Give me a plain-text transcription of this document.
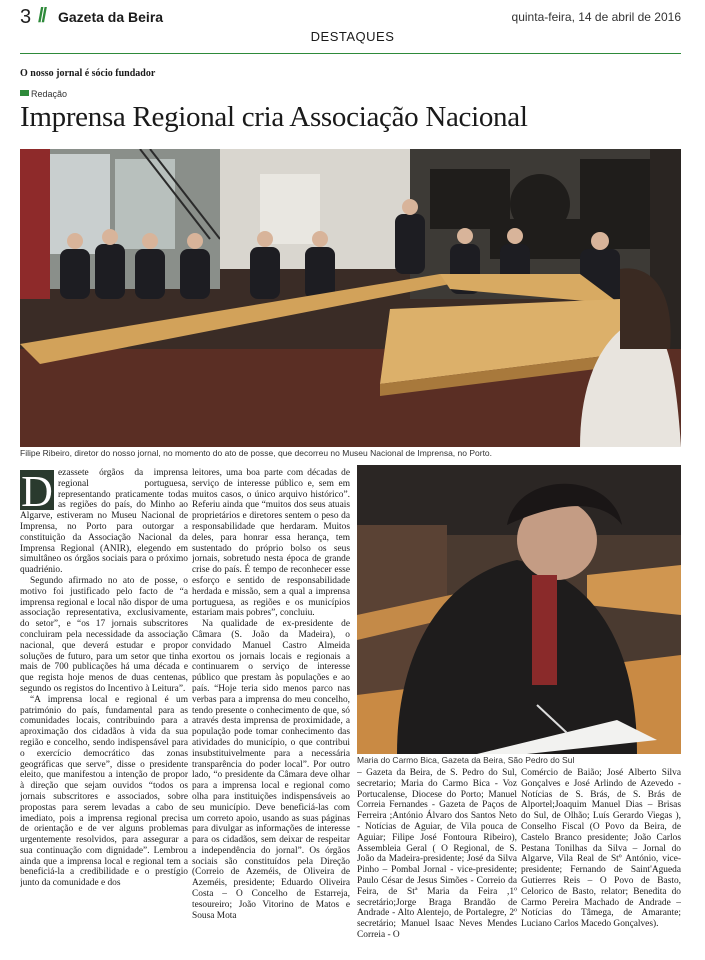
3 // Gazeta da Beira	quinta-feira, 14 de abril de 2016
DESTAQUES
O nosso jornal é sócio fundador
Redação
Imprensa Regional cria Associação Nacional
Filipe Ribeiro, diretor do nosso jornal, no momento do ato de posse, que decorreu no Museu Nacional de Imprensa, no Porto.
Maria do Carmo Bica, Gazeta da Beira, São Pedro do Sul
D ezassete órgãos da imprensa regional portuguesa, representando praticamente todas as regiões do país, do Minho ao Algarve, estiveram no Museu Nacional de Imprensa, no Porto para outorgar a constituição da Associação Nacional da Imprensa Regional (ANIR), elegendo em simultâneo os órgãos sociais para o próximo quadriénio.

Segundo afirmado no ato de posse, o motivo foi justificado pelo facto de “a imprensa regional e local não dispor de uma associação representativa, exclusivamente, do setor”, e “os 17 jornais subscritores concluiram pela necessidade da associação nacional, que deverá estudar e propor soluções de futuro, para um setor que tinha mais de 700 publicações há uma década e que regista hoje menos de duas centenas, segundo os registos do Incentivo à Leitura”.

“A imprensa local e regional é um património do país, fundamental para as comunidades locais, contribuindo para a aproximação dos cidadãos à vida da sua região e concelho, sendo indispensável para o exercício democrático das zonas geográficas que serve”, disse o presidente eleito, que manifestou a intenção de propor à direção que sejam ouvidos “todos os jornais subscritores e associados, sobre propostas para serem levadas a cabo de imediato, pois a imprensa regional precisa de orientação e de ver alguns problemas urgentemente resolvidos, para assegurar a sua continuação com dignidade”. Lembrou ainda que a imprensa local e regional tem a beneficiá-la a credibilidade e o prestígio junto da comunidade e dos

leitores, uma boa parte com décadas de serviço de interesse público e, sem em muitos casos, o único arquivo histórico”. Referiu ainda que “muitos dos seus atuais proprietários e diretores sentem o peso da responsabilidade que herdaram. Muitos deles, para honrar essa herança, tem sustentado do próprio bolso os seus jornais, sobretudo nesta época de grande crise do país. É tempo de reconhecer esse esforço e sentido de responsabilidade herdada e missão, sem a qual a imprensa portuguesa, as regiões e os municípios estariam mais pobres”, concluiu.

Na qualidade de ex-presidente de Câmara (S. João da Madeira), o convidado Manuel Castro Almeida exortou os jornais locais e regionais a continuarem o serviço de interesse público que prestam às populações e ao país. “Hoje teria sido menos parco nas verbas para a imprensa do meu concelho, tendo presente o conhecimento de que, só através desta imprensa de proximidade, a população pode tomar conhecimento das atividades do município, o que contribui insubstituivelmente para a necessária transparência do poder local”. Por outro lado, “o presidente da Câmara deve olhar para a imprensa local e regional como olha para instituições indispensáveis ao seu município. Deve beneficiá-las com um correto apoio, usando as suas páginas para divulgar as informações de interesse para os cidadãos, sem deixar de respeitar a independência do jornal”. Os órgãos sociais são constituídos pela Direção (Correio de Azeméis, de Oliveira de Azeméis, presidente; Eduardo Oliveira Costa – O Concelho de Estarreja, tesoureiro; João Vitorino de Matos e Sousa Mota

– Gazeta da Beira, de S. Pedro do Sul, secretario; Maria do Carmo Bica - Voz Portucalense, Diocese do Porto; Manuel Correia Fernandes - Gazeta de Paços de Ferreira ;António Álvaro dos Santos Neto - Notícias de Aguiar, de Vila pouca de Aguiar; Filipe José Fontoura Ribeiro), Assembleia Geral ( O Regional, de S. João da Madeira-presidente; José da Silva Pinho – Pombal Jornal - vice-presidente; Paulo César de Jesus Simões - Correio da Feira, de Stª Maria da Feira ,1º secretário;Jorge Braga Brandão de Andrade - Alto Alentejo, de Portalegre, 2º secretário; Manuel Isaac Neves Mendes Correia - O

Comércio de Baião; José Alberto Silva Gonçalves e José Arlindo de Azevedo - Notícias de S. Brás, de S. Brás de Alportel;Joaquim Manuel Dias – Brisas do Sul, de Olhão; Luís Gerardo Viegas ), Conselho Fiscal (O Povo da Beira, de Castelo Branco presidente; João Carlos Pestana Tonilhas da Silva – Jornal do Algarve, Vila Real de Stº António, vice-presidente; Fernando de Saint'Agueda Gutierres Reis – O Povo de Basto, Celorico de Basto, relator; Benedita do Carmo Pereira Machado de Andrade – Notícias do Tâmega, de Amarante; Luciano Carlos Macedo Gonçalves).
